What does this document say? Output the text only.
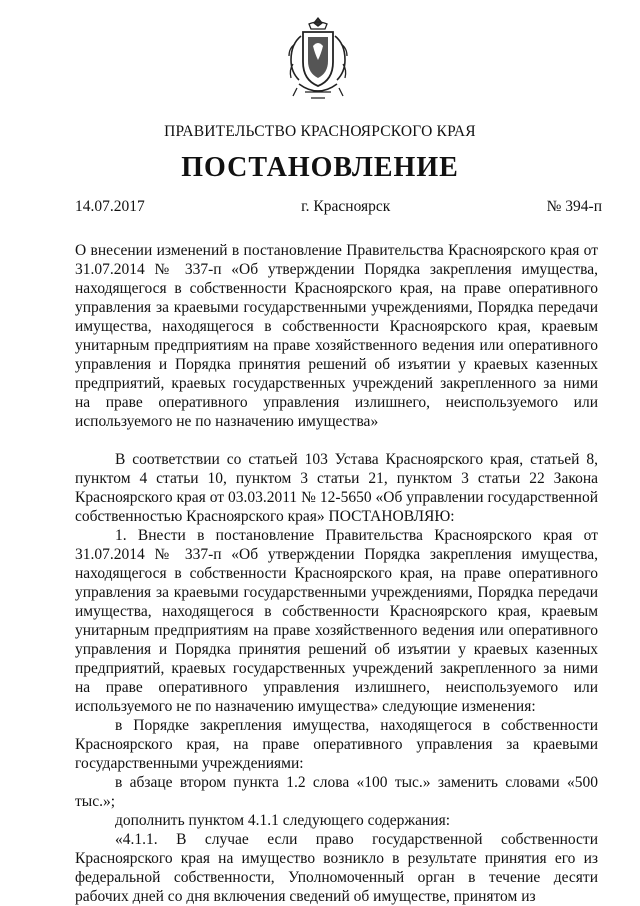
ПРАВИТЕЛЬСТВО КРАСНОЯРСКОГО КРАЯ
ПОСТАНОВЛЕНИЕ
14.07.2017	г. Красноярск	№ 394-п

О внесении изменений в постановление Правительства Красноярского края от 31.07.2014 № 337-п «Об утверждении Порядка закрепления имущества, находящегося в собственности Красноярского края, на праве оперативного управления за краевыми государственными учреждениями, Порядка передачи имущества, находящегося в собственности Красноярского края, краевым унитарным предприятиям на праве хозяйственного ведения или оперативного управления и Порядка принятия решений об изъятии у краевых казенных предприятий, краевых государственных учреждений закрепленного за ними на праве оперативного управления излишнего, неиспользуемого или используемого не по назначению имущества»

В соответствии со статьей 103 Устава Красноярского края, статьей 8, пунктом 4 статьи 10, пунктом 3 статьи 21, пунктом 3 статьи 22 Закона Красноярского края от 03.03.2011 № 12-5650 «Об управлении государственной собственностью Красноярского края» ПОСТАНОВЛЯЮ:

1. Внести в постановление Правительства Красноярского края от 31.07.2014 № 337-п «Об утверждении Порядка закрепления имущества, находящегося в собственности Красноярского края, на праве оперативного управления за краевыми государственными учреждениями, Порядка передачи имущества, находящегося в собственности Красноярского края, краевым унитарным предприятиям на праве хозяйственного ведения или оперативного управления и Порядка принятия решений об изъятии у краевых казенных предприятий, краевых государственных учреждений закрепленного за ними на праве оперативного управления излишнего, неиспользуемого или используемого не по назначению имущества» следующие изменения:

в Порядке закрепления имущества, находящегося в собственности Красноярского края, на праве оперативного управления за краевыми государственными учреждениями:

в абзаце втором пункта 1.2 слова «100 тыс.» заменить словами «500 тыс.»;

дополнить пунктом 4.1.1 следующего содержания:

«4.1.1. В случае если право государственной собственности Красноярского края на имущество возникло в результате принятия его из федеральной собственности, Уполномоченный орган в течение десяти рабочих дней со дня включения сведений об имуществе, принятом из
